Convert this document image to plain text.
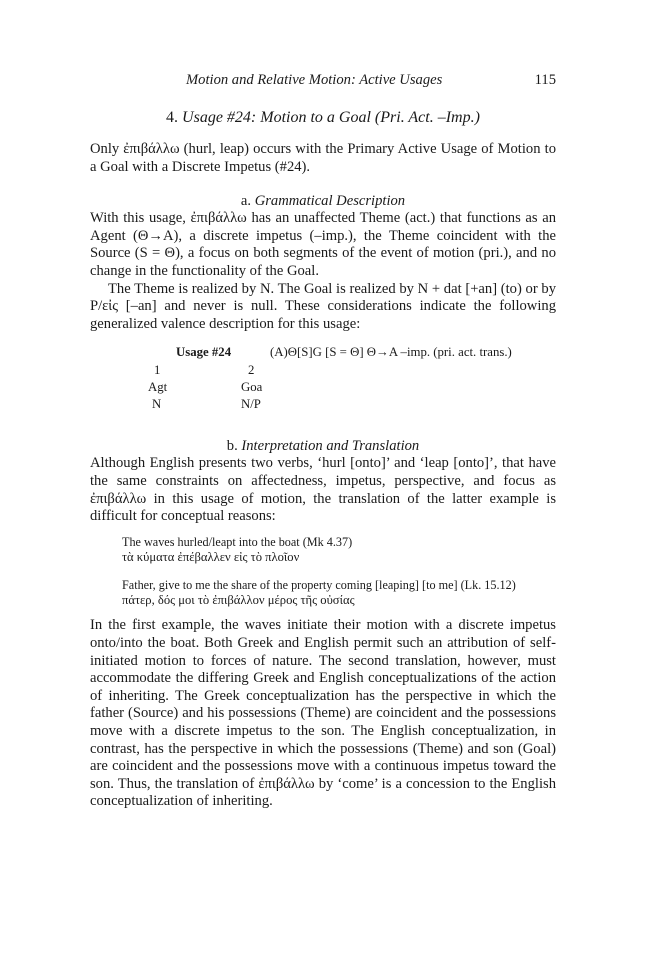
Motion and Relative Motion: Active Usages	115
4. Usage #24: Motion to a Goal (Pri. Act. –Imp.)

Only ἐπιβάλλω (hurl, leap) occurs with the Primary Active Usage of Motion to a Goal with a Discrete Impetus (#24).

a. Grammatical Description

With this usage, ἐπιβάλλω has an unaffected Theme (act.) that functions as an Agent (Θ→A), a discrete impetus (–imp.), the Theme coincident with the Source (S = Θ), a focus on both segments of the event of motion (pri.), and no change in the functionality of the Goal.

The Theme is realized by N. The Goal is realized by N + dat [+an] (to) or by P/εἰς [–an] and never is null. These considerations indicate the following generalized valence description for this usage:

Usage #24	(A)Θ[S]G [S = Θ] Θ→A –imp. (pri. act. trans.)
1	2
Agt	Goa
N	N/P
b. Interpretation and Translation

Although English presents two verbs, ‘hurl [onto]’ and ‘leap [onto]’, that have the same constraints on affectedness, impetus, perspective, and focus as ἐπιβάλλω in this usage of motion, the translation of the latter example is difficult for conceptual reasons:

The waves hurled/leapt into the boat (Mk 4.37)
τὰ κύματα ἐπέβαλλεν εἰς τὸ πλοῖον
Father, give to me the share of the property coming [leaping] [to me] (Lk. 15.12)
πάτερ, δός μοι τὸ ἐπιβάλλον μέρος τῆς οὐσίας

In the first example, the waves initiate their motion with a discrete impetus onto/into the boat. Both Greek and English permit such an attribution of self-initiated motion to forces of nature. The second translation, however, must accommodate the differing Greek and English conceptualizations of the action of inheriting. The Greek conceptualization has the perspective in which the father (Source) and his possessions (Theme) are coincident and the possessions move with a discrete impetus to the son. The English conceptualization, in contrast, has the perspective in which the possessions (Theme) and son (Goal) are coincident and the possessions move with a continuous impetus toward the son. Thus, the translation of ἐπιβάλλω by ‘come’ is a concession to the English conceptualization of inheriting.
